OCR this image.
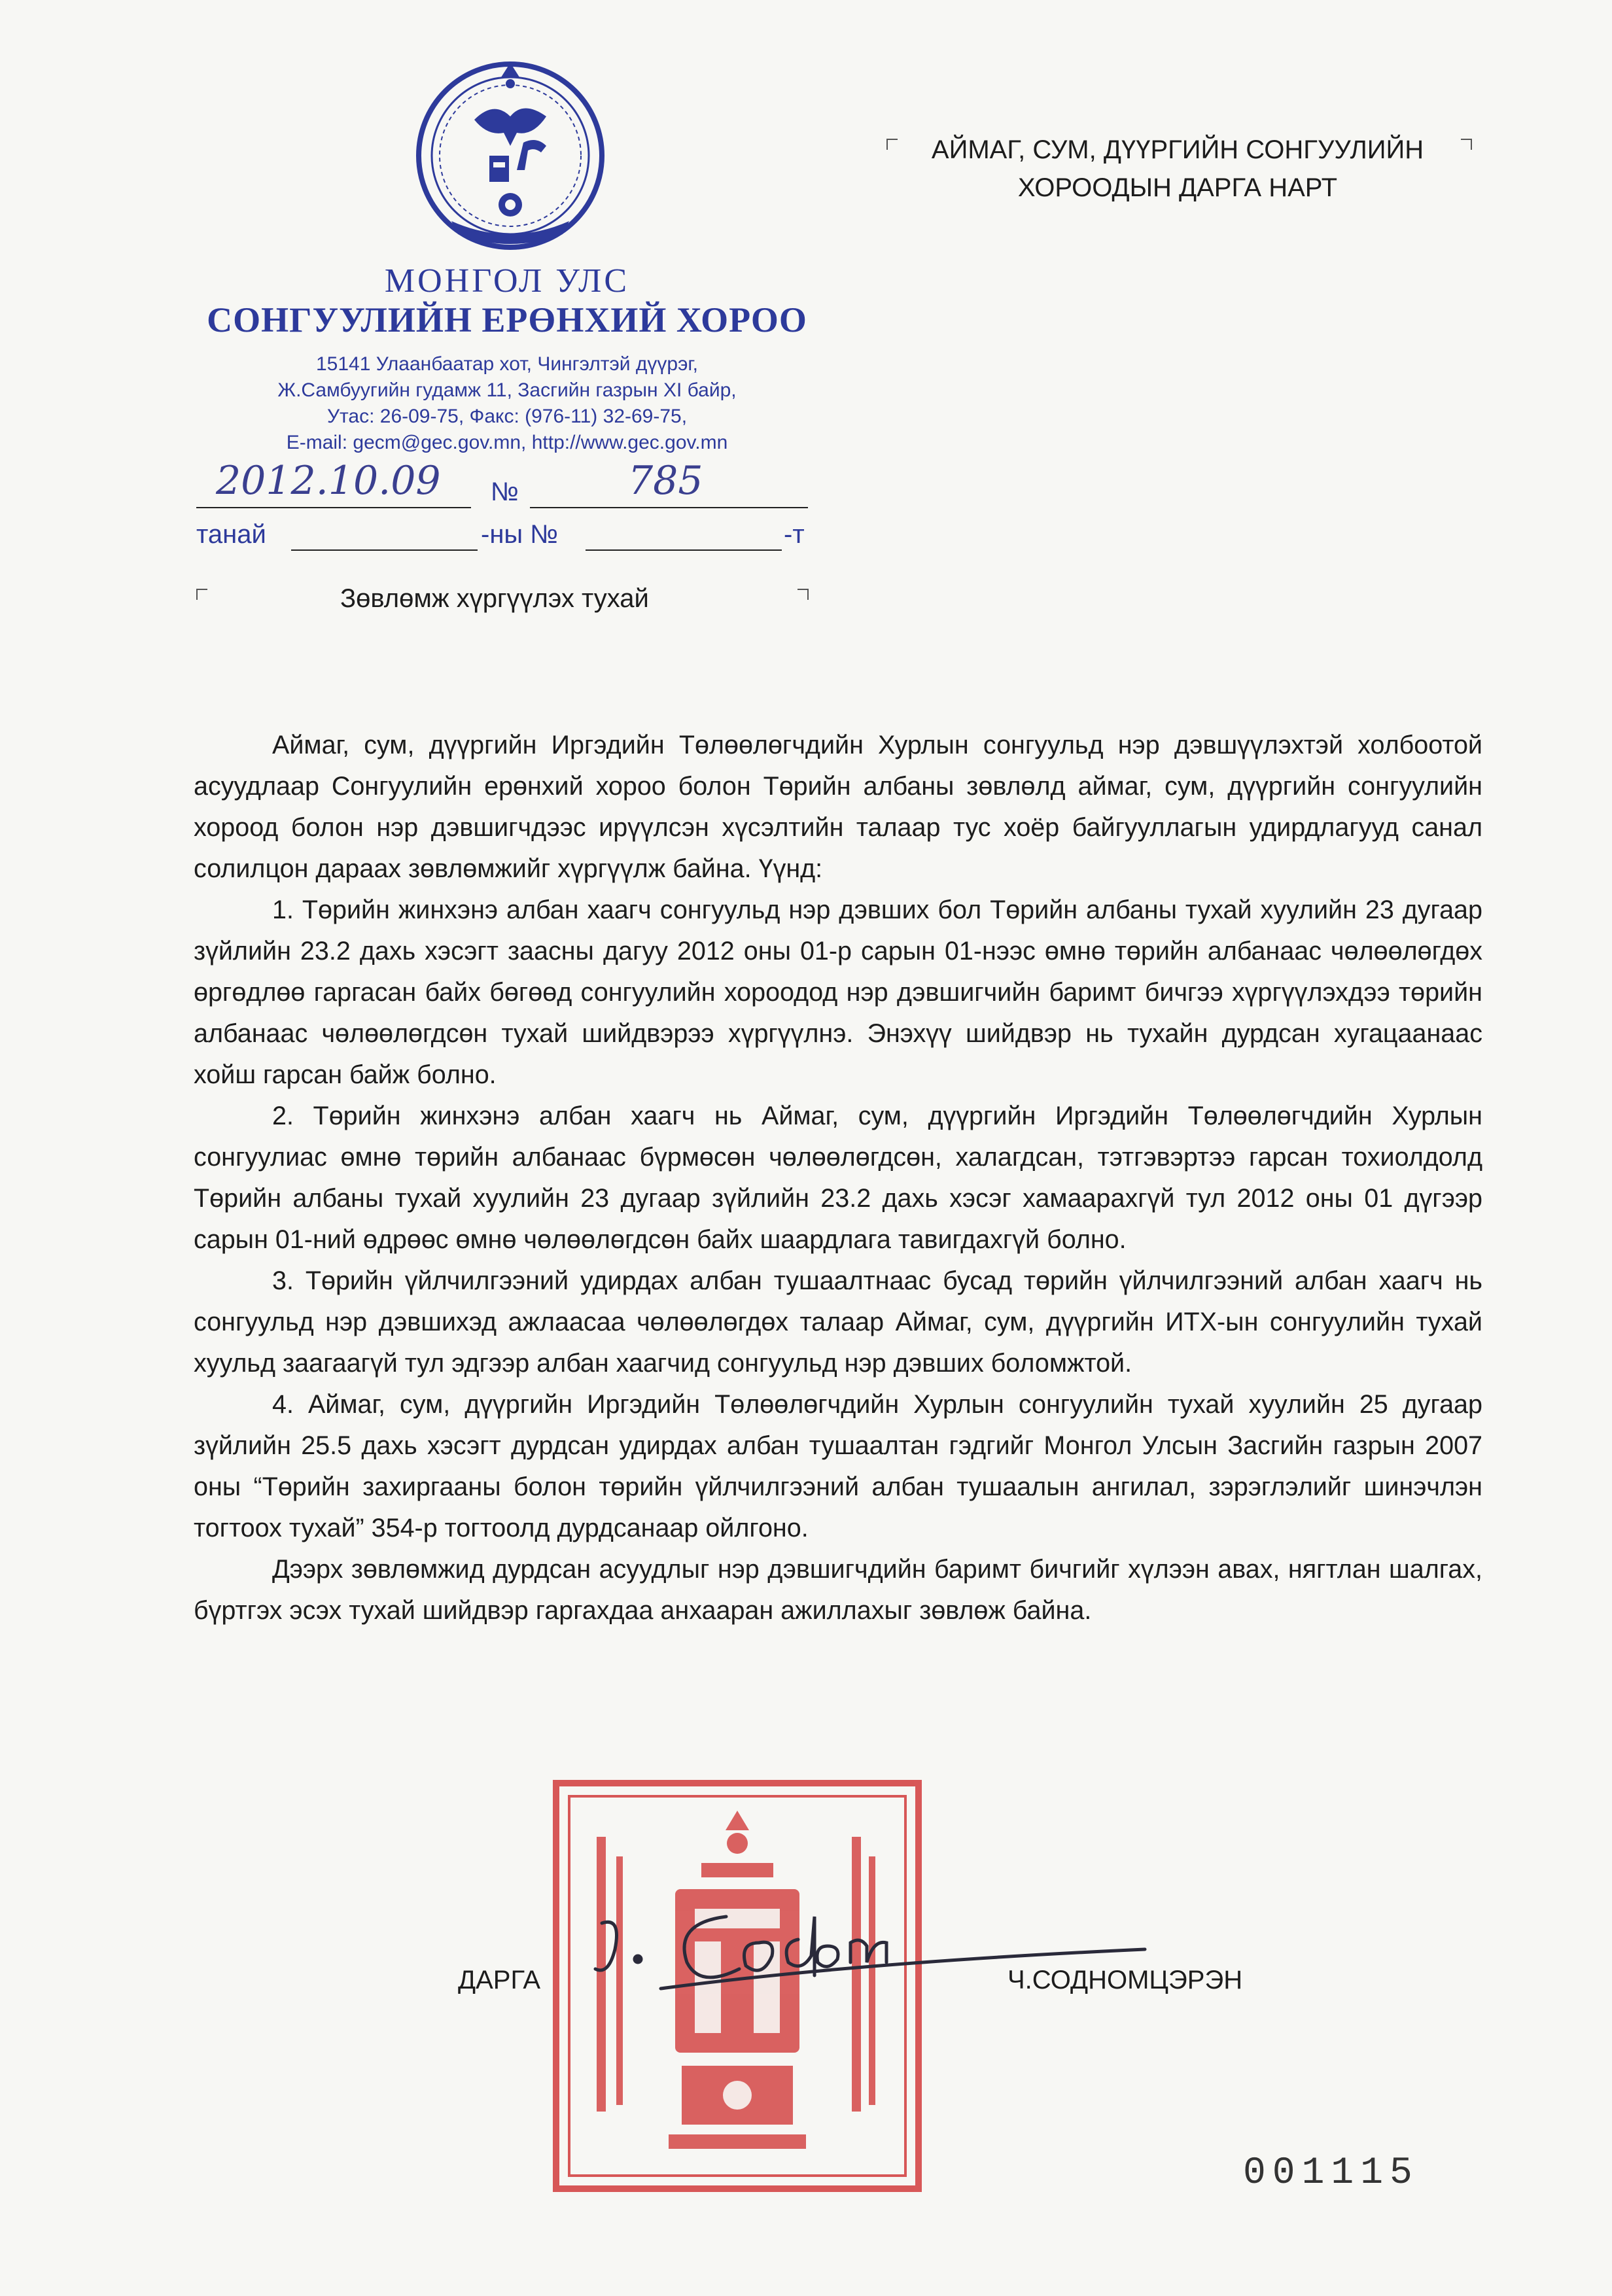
МОНГОЛ УЛС
СОНГУУЛИЙН ЕРӨНХИЙ ХОРОО
15141 Улаанбаатар хот, Чингэлтэй дүүрэг,
Ж.Самбуугийн гудамж 11, Засгийн газрын XI байр,
Утас: 26-09-75, Факс: (976-11) 32-69-75,
E-mail: gecm@gec.gov.mn, http://www.gec.gov.mn
2012.10.09 №	785
танай	-ны №	-т
Зөвлөмж хүргүүлэх тухай
АЙМАГ, СУМ, ДҮҮРГИЙН СОНГУУЛИЙН
ХОРООДЫН ДАРГА НАРТ

Аймаг, сум, дүүргийн Иргэдийн Төлөөлөгчдийн Хурлын сонгуульд нэр дэвшүүлэхтэй холбоотой асуудлаар Сонгуулийн ерөнхий хороо болон Төрийн албаны зөвлөлд аймаг, сум, дүүргийн сонгуулийн хороод болон нэр дэвшигчдээс ирүүлсэн хүсэлтийн талаар тус хоёр байгууллагын удирдлагууд санал солилцон дараах зөвлөмжийг хүргүүлж байна. Үүнд:

1. Төрийн жинхэнэ албан хаагч сонгуульд нэр дэвших бол Төрийн албаны тухай хуулийн 23 дугаар зүйлийн 23.2 дахь хэсэгт заасны дагуу 2012 оны 01-р сарын 01-нээс өмнө төрийн албанаас чөлөөлөгдөх өргөдлөө гаргасан байх бөгөөд сонгуулийн хороодод нэр дэвшигчийн баримт бичгээ хүргүүлэхдээ төрийн албанаас чөлөөлөгдсөн тухай шийдвэрээ хүргүүлнэ. Энэхүү шийдвэр нь тухайн дурдсан хугацаанаас хойш гарсан байж болно.

2. Төрийн жинхэнэ албан хаагч нь Аймаг, сум, дүүргийн Иргэдийн Төлөөлөгчдийн Хурлын сонгуулиас өмнө төрийн албанаас бүрмөсөн чөлөөлөгдсөн, халагдсан, тэтгэвэртээ гарсан тохиолдолд Төрийн албаны тухай хуулийн 23 дугаар зүйлийн 23.2 дахь хэсэг хамаарахгүй тул 2012 оны 01 дүгээр сарын 01-ний өдрөөс өмнө чөлөөлөгдсөн байх шаардлага тавигдахгүй болно.

3. Төрийн үйлчилгээний удирдах албан тушаалтнаас бусад төрийн үйлчилгээний албан хаагч нь сонгуульд нэр дэвшихэд ажлаасаа чөлөөлөгдөх талаар Аймаг, сум, дүүргийн ИТХ-ын сонгуулийн тухай хуульд заагаагүй тул эдгээр албан хаагчид сонгуульд нэр дэвших боломжтой.

4. Аймаг, сум, дүүргийн Иргэдийн Төлөөлөгчдийн Хурлын сонгуулийн тухай хуулийн 25 дугаар зүйлийн 25.5 дахь хэсэгт дурдсан удирдах албан тушаалтан гэдгийг Монгол Улсын Засгийн газрын 2007 оны “Төрийн захиргааны болон төрийн үйлчилгээний албан тушаалын ангилал, зэрэглэлийг шинэчлэн тогтоох тухай” 354-р тогтоолд дурдсанаар ойлгоно.

Дээрх зөвлөмжид дурдсан асуудлыг нэр дэвшигчдийн баримт бичгийг хүлээн авах, нягтлан шалгах, бүртгэх эсэх тухай шийдвэр гаргахдаа анхааран ажиллахыг зөвлөж байна.

ДАРГА	Ч.СОДНОМЦЭРЭН
001115
